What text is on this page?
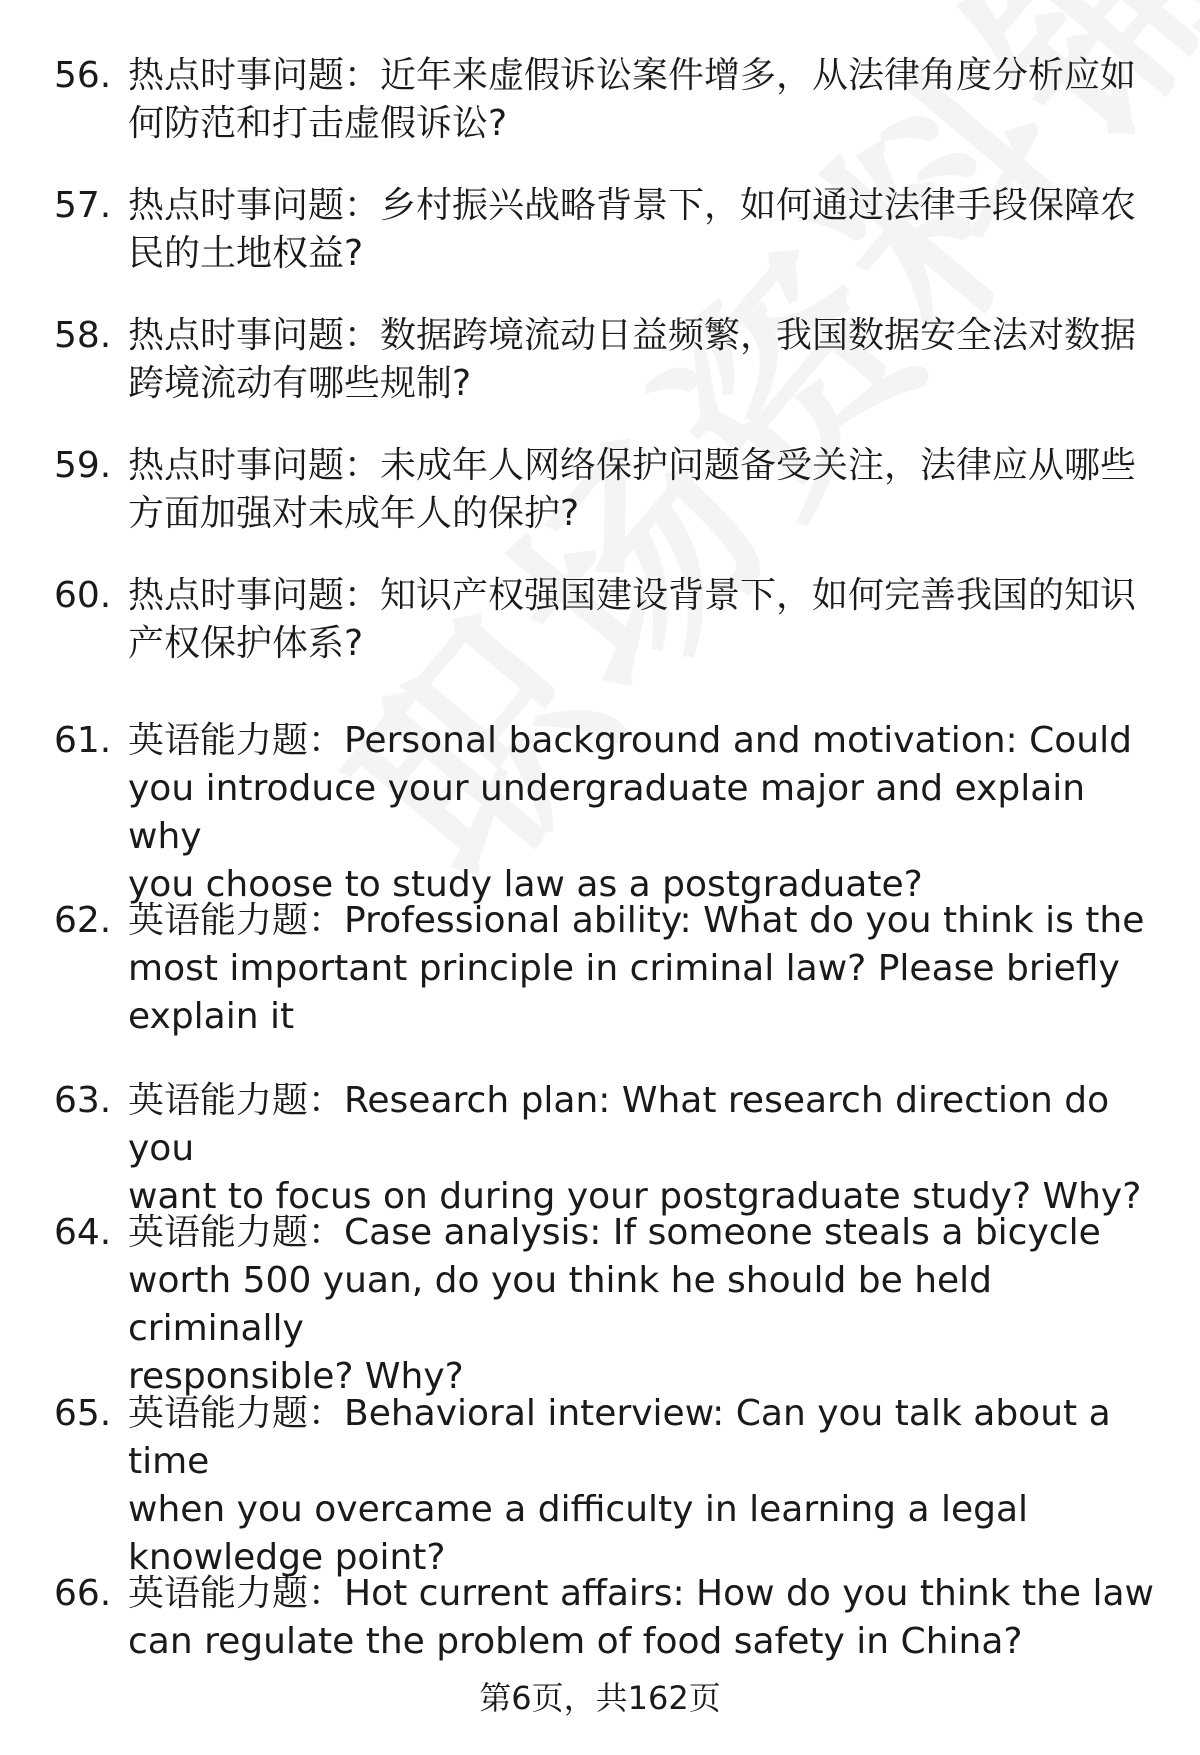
56. 热点时事问题：近年来虚假诉讼案件增多，从法律角度分析应如
何防范和打击虚假诉讼?
57. 热点时事问题：乡村振兴战略背景下，如何通过法律手段保障农
民的土地权益?
58. 热点时事问题：数据跨境流动日益频繁，我国数据安全法对数据
跨境流动有哪些规制?
59. 热点时事问题：未成年人网络保护问题备受关注，法律应从哪些
方面加强对未成年人的保护?
60. 热点时事问题：知识产权强国建设背景下，如何完善我国的知识
产权保护体系?
61. 英语能力题：Personal background and motivation: Could
you introduce your undergraduate major and explain why
you choose to study law as a postgraduate?
62. 英语能力题：Professional ability: What do you think is the
most important principle in criminal law? Please briefly
explain it
63. 英语能力题：Research plan: What research direction do you
want to focus on during your postgraduate study? Why?
64. 英语能力题：Case analysis: If someone steals a bicycle
worth 500 yuan, do you think he should be held criminally
responsible? Why?
65. 英语能力题：Behavioral interview: Can you talk about a time
when you overcame a difficulty in learning a legal
knowledge point?
66. 英语能力题：Hot current affairs: How do you think the law
can regulate the problem of food safety in China?
第6页，共162页
